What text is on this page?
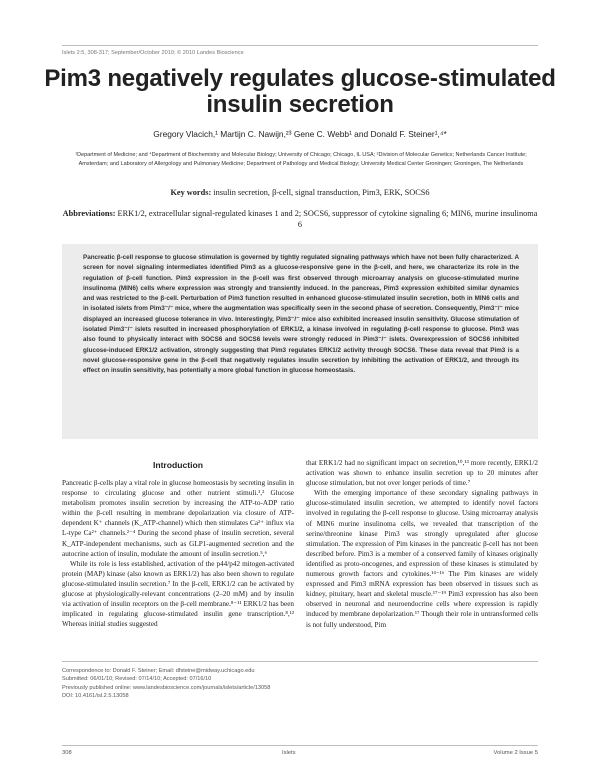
Islets 2:5, 308-317; September/October 2010; © 2010 Landes Bioscience
Pim3 negatively regulates glucose-stimulated insulin secretion
Gregory Vlacich,¹ Martijn C. Nawijn,²³ Gene C. Webb¹ and Donald F. Steiner¹,⁴*
¹Department of Medicine; and ⁴Department of Biochemistry and Molecular Biology; University of Chicago; Chicago, IL USA; ²Division of Molecular Genetics; Netherlands Cancer Institute; Amsterdam; and Laboratory of Allergology and Pulmonary Medicine; Department of Pathology and Medical Biology; University Medical Center Groningen; Groningen, The Netherlands
Key words: insulin secretion, β-cell, signal transduction, Pim3, ERK, SOCS6
Abbreviations: ERK1/2, extracellular signal-regulated kinases 1 and 2; SOCS6, suppressor of cytokine signaling 6; MIN6, murine insulinoma 6

Pancreatic β-cell response to glucose stimulation is governed by tightly regulated signaling pathways which have not been fully characterized. A screen for novel signaling intermediates identified Pim3 as a glucose-responsive gene in the β-cell, and here, we characterize its role in the regulation of β-cell function. Pim3 expression in the β-cell was first observed through microarray analysis on glucose-stimulated murine insulinoma (MIN6) cells where expression was strongly and transiently induced. In the pancreas, Pim3 expression exhibited similar dynamics and was restricted to the β-cell. Perturbation of Pim3 function resulted in enhanced glucose-stimulated insulin secretion, both in MIN6 cells and in isolated islets from Pim3⁻/⁻ mice, where the augmentation was specifically seen in the second phase of secretion. Consequently, Pim3⁻/⁻ mice displayed an increased glucose tolerance in vivo. Interestingly, Pim3⁻/⁻ mice also exhibited increased insulin sensitivity. Glucose stimulation of isolated Pim3⁻/⁻ islets resulted in increased phosphorylation of ERK1/2, a kinase involved in regulating β-cell response to glucose. Pim3 was also found to physically interact with SOCS6 and SOCS6 levels were strongly reduced in Pim3⁻/⁻ islets. Overexpression of SOCS6 inhibited glucose-induced ERK1/2 activation, strongly suggesting that Pim3 regulates ERK1/2 activity through SOCS6. These data reveal that Pim3 is a novel glucose-responsive gene in the β-cell that negatively regulates insulin secretion by inhibiting the activation of ERK1/2, and through its effect on insulin sensitivity, has potentially a more global function in glucose homeostasis.

Introduction

Pancreatic β-cells play a vital role in glucose homeostasis by secreting insulin in response to circulating glucose and other nutrient stimuli.¹,² Glucose metabolism promotes insulin secretion by increasing the ATP-to-ADP ratio within the β-cell resulting in membrane depolarization via closure of ATP-dependent K⁺ channels (K_ATP-channel) which then stimulates Ca²⁺ influx via L-type Ca²⁺ channels.²⁻⁴ During the second phase of insulin secretion, several K_ATP-independent mechanisms, such as GLP1-augmented secretion and the autocrine action of insulin, modulate the amount of insulin secretion.⁵,⁶

While its role is less established, activation of the p44/p42 mitogen-activated protein (MAP) kinase (also known as ERK1/2) has also been shown to regulate glucose-stimulated insulin secretion.⁷ In the β-cell, ERK1/2 can be activated by glucose at physiologically-relevant concentrations (2–20 mM) and by insulin via activation of insulin receptors on the β-cell membrane.⁸⁻¹¹ ERK1/2 has been implicated in regulating glucose-stimulated insulin gene transcription.⁸,¹² Whereas initial studies suggested

that ERK1/2 had no significant impact on secretion,¹⁰,¹³ more recently, ERK1/2 activation was shown to enhance insulin secretion up to 20 minutes after glucose stimulation, but not over longer periods of time.⁷

With the emerging importance of these secondary signaling pathways in glucose-stimulated insulin secretion, we attempted to identify novel factors involved in regulating the β-cell response to glucose. Using microarray analysis of MIN6 murine insulinoma cells, we revealed that transcription of the serine/threonine kinase Pim3 was strongly upregulated after glucose stimulation. The expression of Pim kinases in the pancreatic β-cell has not been described before. Pim3 is a member of a conserved family of kinases originally identified as proto-oncogenes, and expression of these kinases is stimulated by numerous growth factors and cytokines.¹⁴⁻¹⁶ The Pim kinases are widely expressed and Pim3 mRNA expression has been observed in tissues such as kidney, pituitary, heart and skeletal muscle.¹⁷⁻¹⁹ Pim3 expression has also been observed in neuronal and neuroendocrine cells where expression is rapidly induced by membrane depolarization.¹⁷ Though their role in untransformed cells is not fully understood, Pim

Correspondence to: Donald F. Steiner; Email: dfsteine@midway.uchicago.edu
Submitted: 06/01/10; Revised: 07/14/10; Accepted: 07/16/10
Previously published online: www.landesbioscience.com/journals/islets/article/13058
DOI: 10.4161/isl.2.5.13058
308	Islets	Volume 2 Issue 5
